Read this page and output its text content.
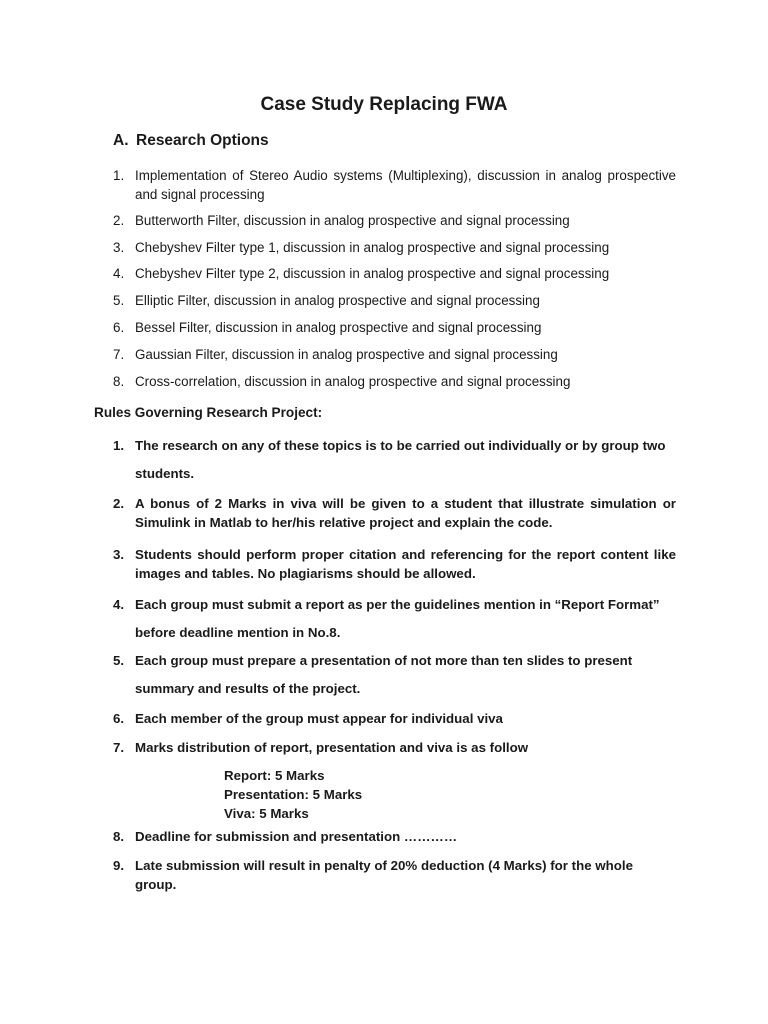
Case Study Replacing FWA
A. Research Options
1. Implementation of Stereo Audio systems (Multiplexing), discussion in analog prospective and signal processing
2. Butterworth Filter, discussion in analog prospective and signal processing
3. Chebyshev Filter type 1, discussion in analog prospective and signal processing
4. Chebyshev Filter type 2, discussion in analog prospective and signal processing
5. Elliptic Filter, discussion in analog prospective and signal processing
6. Bessel Filter, discussion in analog prospective and signal processing
7. Gaussian Filter, discussion in analog prospective and signal processing
8. Cross-correlation, discussion in analog prospective and signal processing
Rules Governing Research Project:
1. The research on any of these topics is to be carried out individually or by group two students.
2. A bonus of 2 Marks in viva will be given to a student that illustrate simulation or Simulink in Matlab to her/his relative project and explain the code.
3. Students should perform proper citation and referencing for the report content like images and tables. No plagiarisms should be allowed.
4. Each group must submit a report as per the guidelines mention in “Report Format” before deadline mention in No.8.
5. Each group must prepare a presentation of not more than ten slides to present summary and results of the project.
6. Each member of the group must appear for individual viva
7. Marks distribution of report, presentation and viva is as follow
8. Deadline for submission and presentation …………
9. Late submission will result in penalty of 20% deduction (4 Marks) for the whole group.
Report: 5 Marks
Presentation: 5 Marks
Viva: 5 Marks
